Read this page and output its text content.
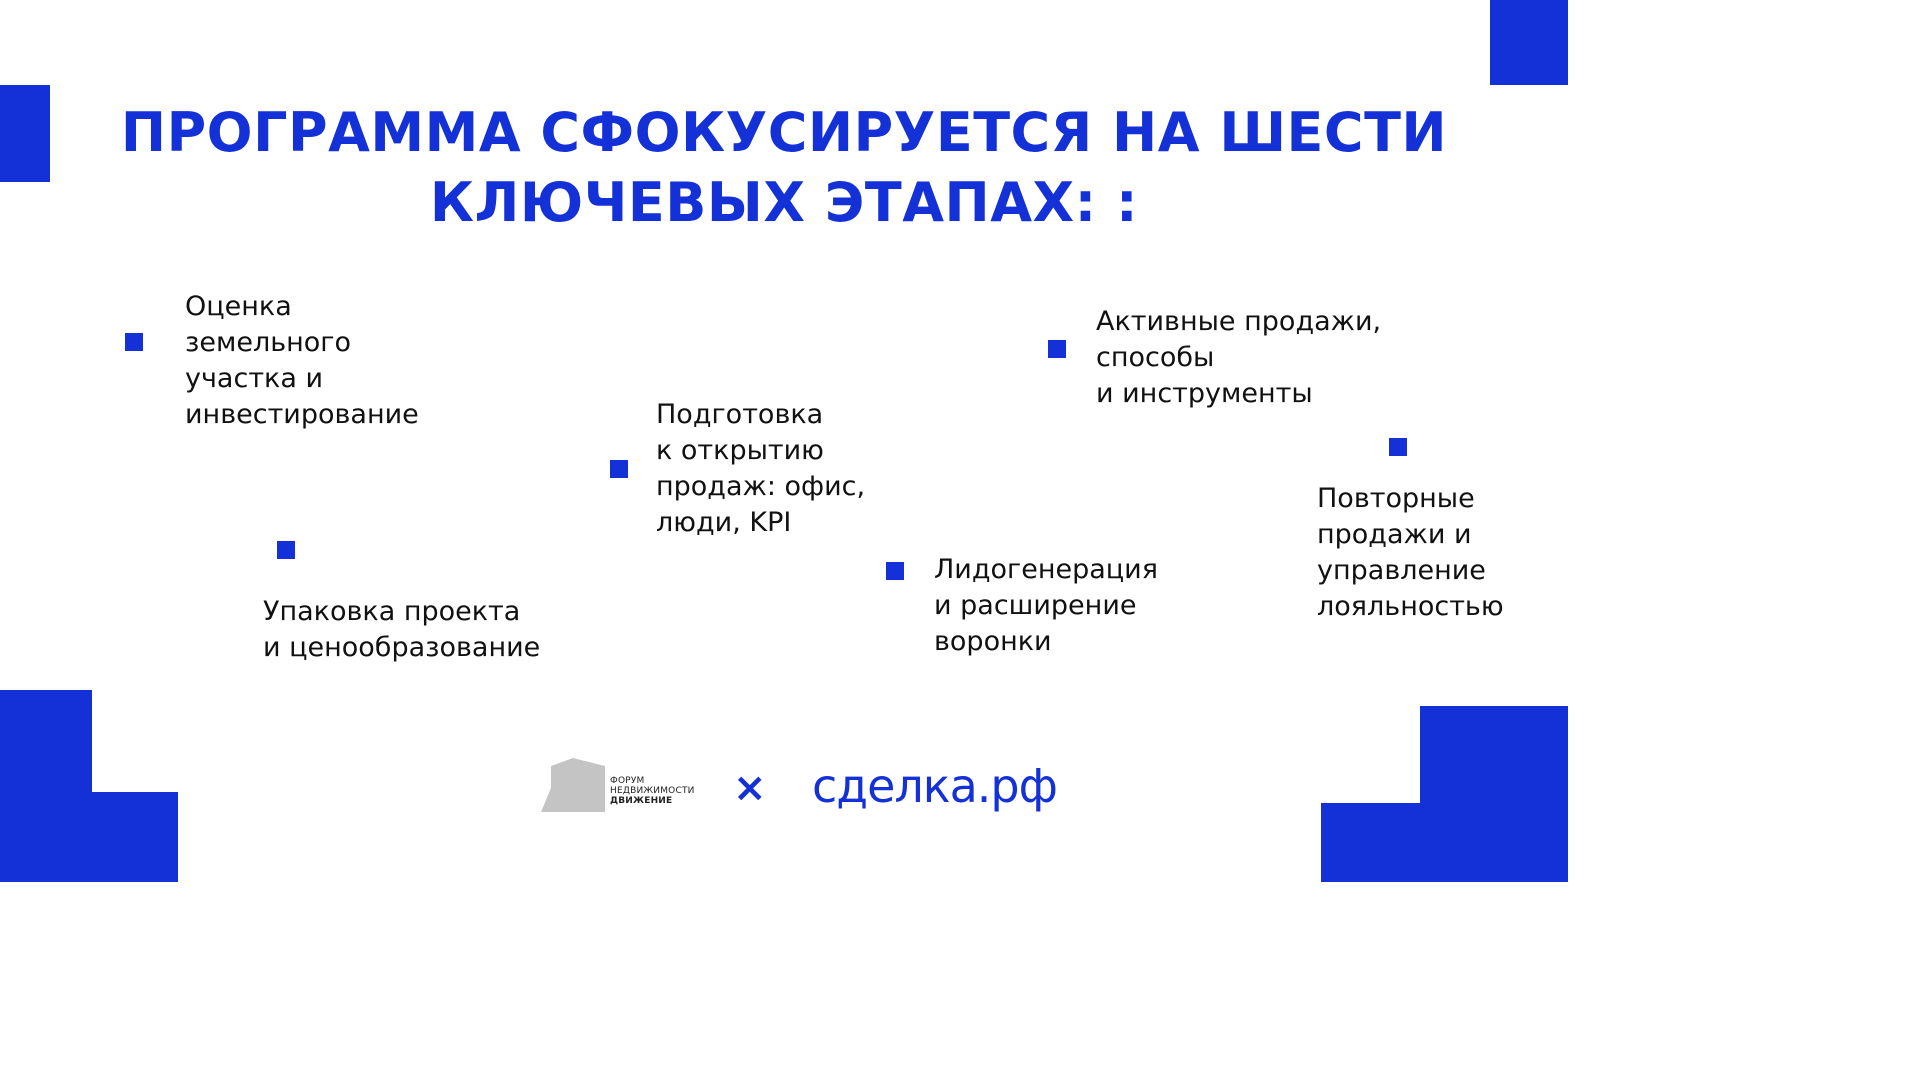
ПРОГРАММА СФОКУСИРУЕТСЯ НА ШЕСТИ
КЛЮЧЕВЫХ ЭТАПАХ: :

Оценка
земельного
участка и
инвестирование

Упаковка проекта
и ценообразование

Подготовка
к открытию
продаж: офис,
люди, KPI

Лидогенерация
и расширение
воронки

Активные продажи,
способы
и инструменты

Повторные
продажи и
управление
лояльностью

ФОРУМ
НЕДВИЖИМОСТИ
ДВИЖЕНИЕ	× сделка.рф
